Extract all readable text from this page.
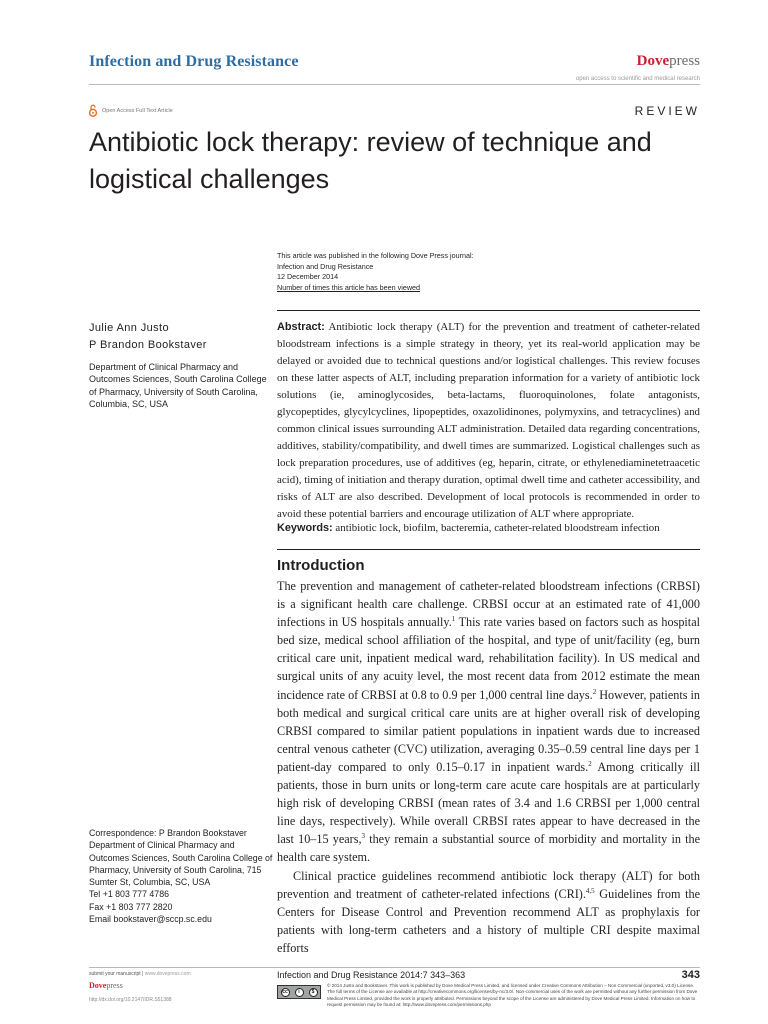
Infection and Drug Resistance	Dovepress
open access to scientific and medical research
Open Access Full Text Article	REVIEW
Antibiotic lock therapy: review of technique and logistical challenges
This article was published in the following Dove Press journal:
Infection and Drug Resistance
12 December 2014
Number of times this article has been viewed
Julie Ann Justo
P Brandon Bookstaver
Department of Clinical Pharmacy and Outcomes Sciences, South Carolina College of Pharmacy, University of South Carolina, Columbia, SC, USA
Abstract: Antibiotic lock therapy (ALT) for the prevention and treatment of catheter-related bloodstream infections is a simple strategy in theory, yet its real-world application may be delayed or avoided due to technical questions and/or logistical challenges. This review focuses on these latter aspects of ALT, including preparation information for a variety of antibiotic lock solutions (ie, aminoglycosides, beta-lactams, fluoroquinolones, folate antagonists, glycopeptides, glycylcyclines, lipopeptides, oxazolidinones, polymyxins, and tetracyclines) and common clinical issues surrounding ALT administration. Detailed data regarding concentrations, additives, stability/compatibility, and dwell times are summarized. Logistical challenges such as lock preparation procedures, use of additives (eg, heparin, citrate, or ethylenediaminetetraacetic acid), timing of initiation and therapy duration, optimal dwell time and catheter accessibility, and risks of ALT are also described. Development of local protocols is recommended in order to avoid these potential barriers and encourage utilization of ALT where appropriate.
Keywords: antibiotic lock, biofilm, bacteremia, catheter-related bloodstream infection
Introduction

The prevention and management of catheter-related bloodstream infections (CRBSI) is a significant health care challenge. CRBSI occur at an estimated rate of 41,000 infections in US hospitals annually.$^1$ This rate varies based on factors such as hospital bed size, medical school affiliation of the hospital, and type of unit/facility (eg, burn critical care unit, inpatient medical ward, rehabilitation facility). In US medical and surgical units of any acuity level, the most recent data from 2012 estimate the mean incidence rate of CRBSI at 0.8 to 0.9 per 1,000 central line days.$^2$ However, patients in both medical and surgical critical care units are at higher overall risk of developing CRBSI compared to similar patient populations in inpatient wards due to increased central venous catheter (CVC) utilization, averaging 0.35–0.59 central line days per 1 patient-day compared to only 0.15–0.17 in inpatient wards.$^2$ Among critically ill patients, those in burn units or long-term care acute care hospitals are at particularly high risk of developing CRBSI (mean rates of 3.4 and 1.6 CRBSI per 1,000 central line days, respectively). While overall CRBSI rates appear to have decreased in the last 10–15 years,$^3$ they remain a substantial source of morbidity and mortality in the health care system.

Clinical practice guidelines recommend antibiotic lock therapy (ALT) for both prevention and treatment of catheter-related infections (CRI).$^{4,5}$ Guidelines from the Centers for Disease Control and Prevention recommend ALT as prophylaxis for patients with long-term catheters and a history of multiple CRI despite maximal efforts

Correspondence: P Brandon Bookstaver
Department of Clinical Pharmacy and Outcomes Sciences, South Carolina College of Pharmacy, University of South Carolina, 715 Sumter St, Columbia, SC, USA
Tel +1 803 777 4786
Fax +1 803 777 2820
Email bookstaver@sccp.sc.edu
submit your manuscript | www.dovepress.com
Dovepress
http://dx.doi.org/10.2147/IDR.S51388
Infection and Drug Resistance 2014:7 343–363	343
cc	i	$
© 2014 Justo and Bookstaver. This work is published by Dove Medical Press Limited, and licensed under Creative Commons Attribution – Non Commercial (unported, v3.0) License. The full terms of the License are available at http://creativecommons.org/licenses/by-nc/3.0/. Non-commercial uses of the work are permitted without any further permission from Dove Medical Press Limited, provided the work is properly attributed. Permissions beyond the scope of the License are administered by Dove Medical Press Limited. Information on how to request permission may be found at: http://www.dovepress.com/permissions.php
